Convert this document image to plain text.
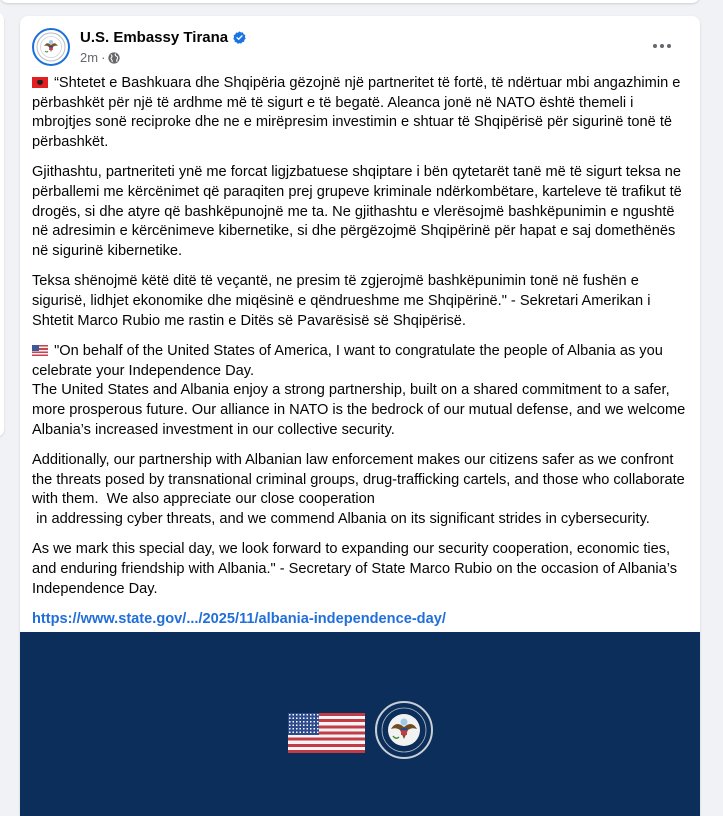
U.S. Embassy Tirana
2m ·

“Shtetet e Bashkuara dhe Shqipëria gëzojnë një partneritet të fortë, të ndërtuar mbi angazhimin e përbashkët për një të ardhme më të sigurt e të begatë. Aleanca jonë në NATO është themeli i mbrojtjes sonë reciproke dhe ne e mirëpresim investimin e shtuar të Shqipërisë për sigurinë tonë të përbashkët.

Gjithashtu, partneriteti ynë me forcat ligjzbatuese shqiptare i bën qytetarët tanë më të sigurt teksa ne përballemi me kërcënimet që paraqiten prej grupeve kriminale ndërkombëtare, karteleve të trafikut të drogës, si dhe atyre që bashkëpunojnë me ta. Ne gjithashtu e vlerësojmë bashkëpunimin e ngushtë në adresimin e kërcënimeve kibernetike, si dhe përgëzojmë Shqipërinë për hapat e saj domethënës në sigurinë kibernetike.

Teksa shënojmë këtë ditë të veçantë, ne presim të zgjerojmë bashkëpunimin tonë në fushën e sigurisë, lidhjet ekonomike dhe miqësinë e qëndrueshme me Shqipërinë." - Sekretari Amerikan i Shtetit Marco Rubio me rastin e Ditës së Pavarësisë së Shqipërisë.

"On behalf of the United States of America, I want to congratulate the people of Albania as you celebrate your Independence Day.
The United States and Albania enjoy a strong partnership, built on a shared commitment to a safer, more prosperous future. Our alliance in NATO is the bedrock of our mutual defense, and we welcome Albania’s increased investment in our collective security.

Additionally, our partnership with Albanian law enforcement makes our citizens safer as we confront the threats posed by transnational criminal groups, drug-trafficking cartels, and those who collaborate with them.  We also appreciate our close cooperation
in addressing cyber threats, and we commend Albania on its significant strides in cybersecurity.

As we mark this special day, we look forward to expanding our security cooperation, economic ties, and enduring friendship with Albania." - Secretary of State Marco Rubio on the occasion of Albania’s Independence Day.

https://www.state.gov/.../2025/11/albania-independence-day/
